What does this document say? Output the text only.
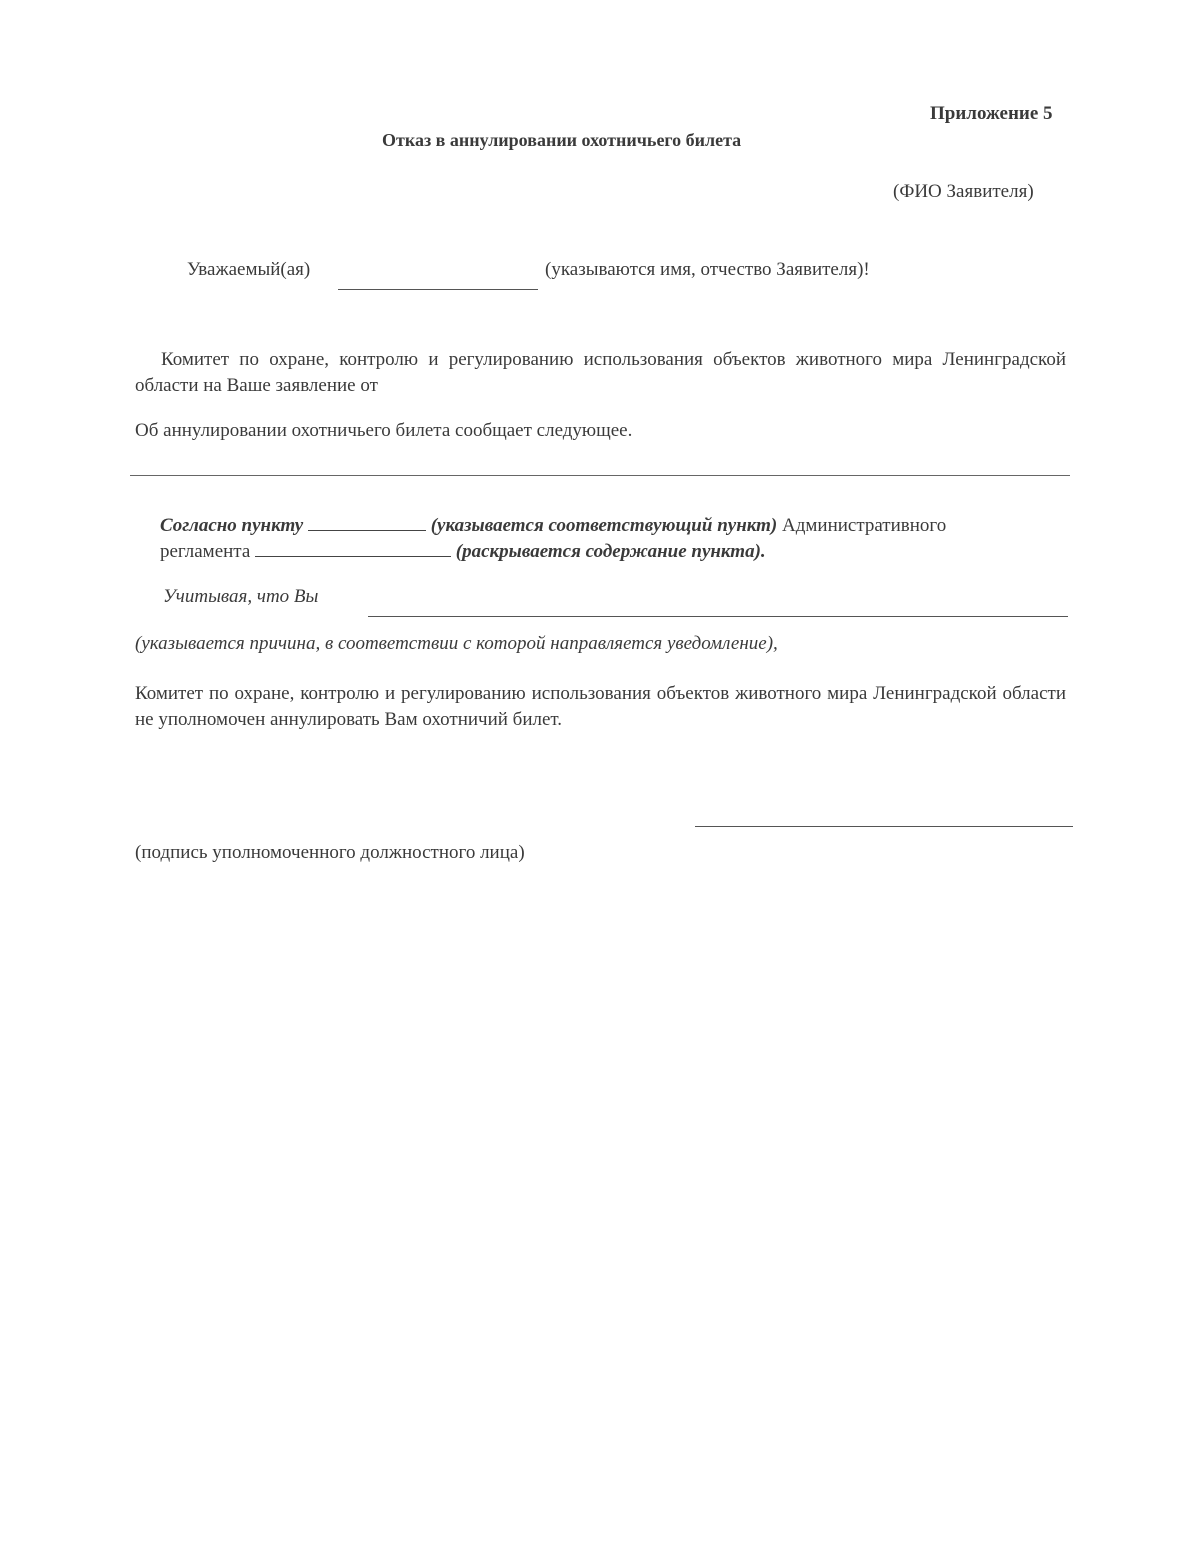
Приложение 5
Отказ в аннулировании охотничьего билета
(ФИО Заявителя)
Уважаемый(ая)	(указываются имя, отчество Заявителя)!
Комитет по охране, контролю и регулированию использования объектов животного мира Ленинградской области на Ваше заявление от
Об аннулировании охотничьего билета сообщает следующее.
Согласно пункту	(указывается соответствующий пункт) Административного
регламента	(раскрывается содержание пункта).
Учитывая, что Вы
(указывается причина, в соответствии с которой направляется уведомление),
Комитет по охране, контролю и регулированию использования объектов животного мира Ленинградской области не уполномочен аннулировать Вам охотничий билет.
(подпись уполномоченного должностного лица)
